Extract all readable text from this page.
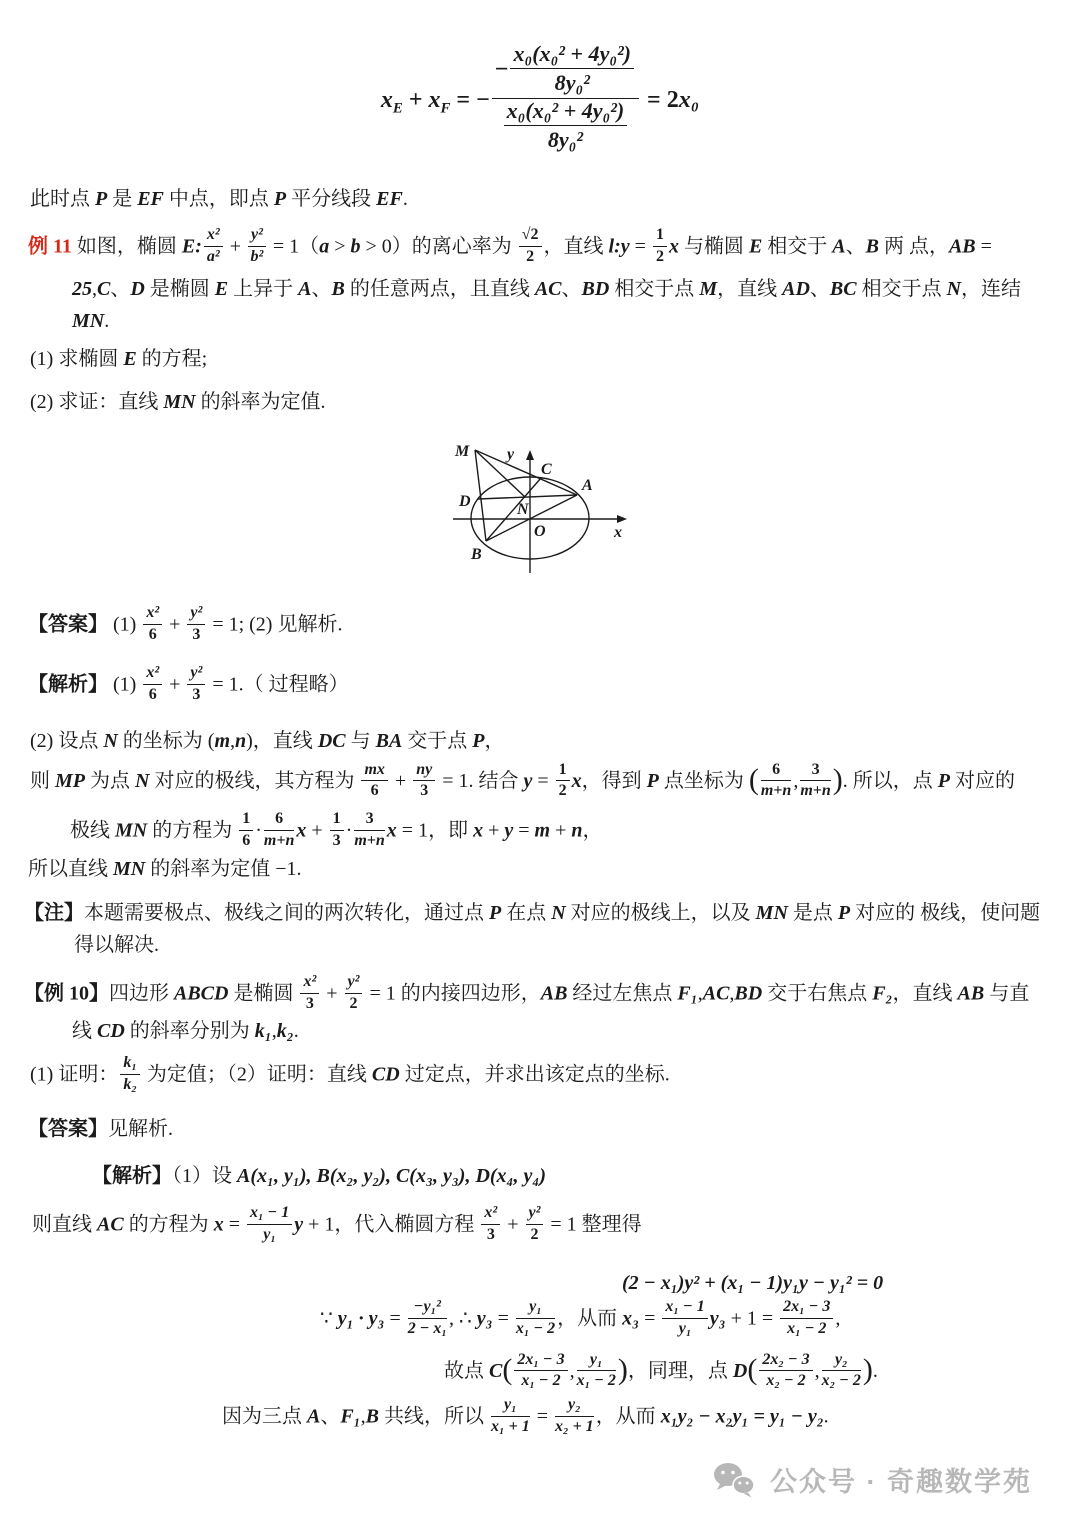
$x_E + x_F$ = − $\frac{- \frac{\text{x₀(x₀² + 4y₀²)}}{\text{8y₀²}}}{\frac{\text{x₀(x₀² + 4y₀²)}}{\text{8y₀²}}} = 2x_0$
此时点 P 是 EF 中点，即点 P 平分线段 EF.
例 11 如图，椭圆 E: $\frac{\text{x²}}{\text{a²}} + \frac{\text{y²}}{\text{b²}} = 1(a > b > 0)$的离心率为 $\frac{√2}{2}$ ，直线 l:y = $\frac{1}{2}$ x 与椭圆 E 相交于 A、B 两 点，AB =
25,C、D 是椭圆 E 上异于 A、B 的任意两点，且直线 AC、BD 相交于点 M，直线 AD、BC 相交于点 N，连结
MN.
(1) 求椭圆 E 的方程;
(2) 求证：直线 MN 的斜率为定值.
M y
C
A
D	N
O	x
B
【答案】 $(1) \frac{\text{x²}}{6} + \frac{\text{y²}}{3} = 1$; (2) 见解析.
【解析】 $(1) \frac{\text{x²}}{6} + \frac{\text{y²}}{3} = 1$.（ 过程略）
(2) 设点 N 的坐标为 (m,n)，直线 DC 与 BA 交于点 P，
则 MP 为点 N 对应的极线，其方程为 $\frac{mx}{6} + \frac{ny}{3} = 1$. 结合 $y = \frac{1}{2}$ x，得到 P 点坐标为 ( $\frac{6}{m+n}$ , $\frac{3}{m+n}$ ). 所以，点 P 对应的
极线 MN 的方程为 $\frac{1}{6} \cdot \frac{6}{m+n}$ $x + \frac{1}{3} \cdot \frac{3}{m+n}$ x = 1，即 x + y = m + n，
所以直线 MN 的斜率为定值 −1.
【注】本题需要极点、极线之间的两次转化，通过点 P 在点 N 对应的极线上，以及 MN 是点 P 对应的 极线，使问题
得以解决.
【例 10】四边形 ABCD 是椭圆 $\frac{\text{x²}}{3} + \frac{\text{y²}}{2} = 1$ 的内接四边形，AB 经过左焦点 F₁,AC,BD 交于右焦点 F₂，直线 AB 与直
线 CD 的斜率分别为 k₁,k₂.
(1) 证明： $\frac{\text{k₁}}{\text{k₂}}$ 为定值；（2）证明：直线 CD 过定点，并求出该定点的坐标.
【答案】见解析.
【解析】（1）设 A(x₁, y₁), B(x₂, y₂), C(x₃, y₃), D(x₄, y₄)
则直线 AC 的方程为 $x = \frac{\text{x₁ − 1}}{\text{y₁}}$ y + 1，代入椭圆方程 $\frac{\text{x²}}{3} + \frac{\text{y²}}{2} = 1$ 整理得
(2 − x₁)y² + (x₁ − 1)y₁y − y₁² = 0
∵ $y_1 \cdot y_3 = \frac{\text{−y₁²}}{\text{2 − x₁}}$ , ∴ $y_3 = \frac{\text{y₁}}{\text{x₁ − 2}}$ ，从而 $x_3 = \frac{\text{x₁ − 1}}{\text{y₁}} y_3 + 1 = \frac{\text{2x₁ − 3}}{\text{x₁ − 2}}$ ,
故点 $C( \frac{\text{2x₁ − 3}}{\text{x₁ − 2}}$ , $\frac{\text{y₁}}{\text{x₁ − 2}}$ )，同理，点 $D( \frac{\text{2x₂ − 3}}{\text{x₂ − 2}}$ , $\frac{\text{y₂}}{\text{x₂ − 2}}$ ).
因为三点 A、F₁,B 共线，所以 $\frac{\text{y₁}}{\text{x₁ + 1}} = \frac{\text{y₂}}{\text{x₂ + 1}}$ ，从而 x₁y₂ − x₂y₁ = y₁ − y₂.
公众号 · 奇趣数学苑
